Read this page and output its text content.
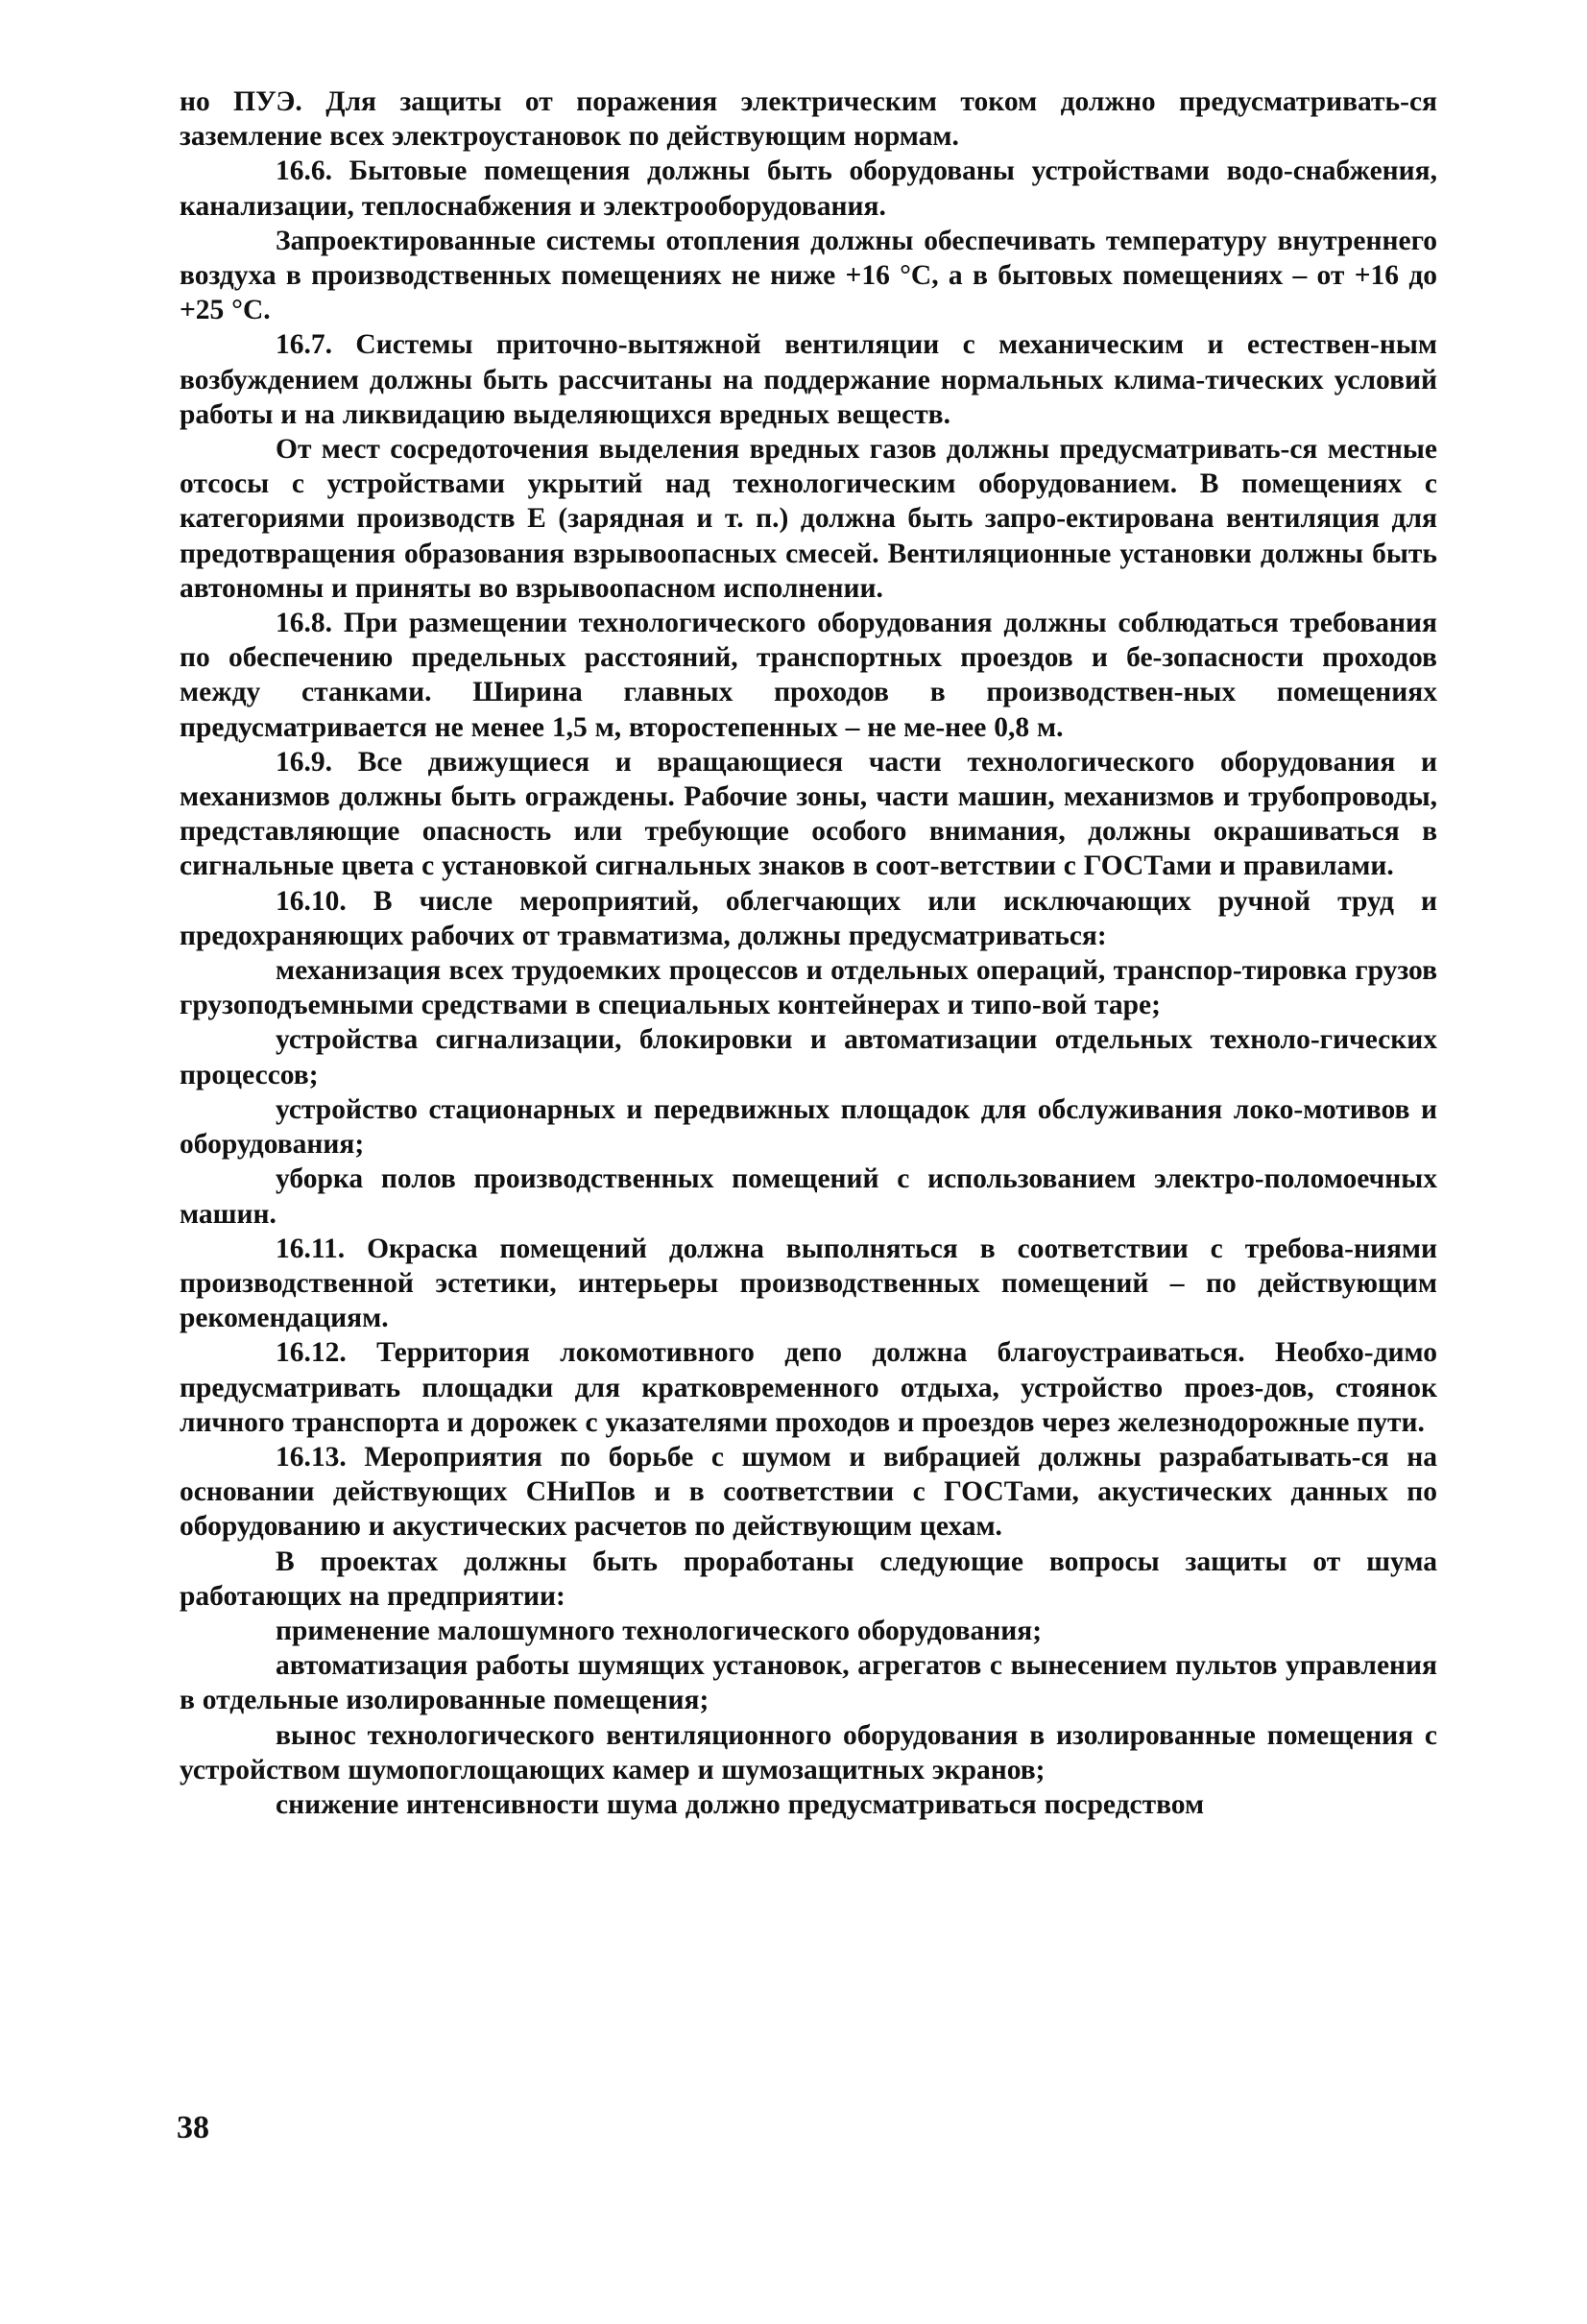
но ПУЭ. Для защиты от поражения электрическим током должно предусматривать-ся заземление всех электроустановок по действующим нормам.

16.6. Бытовые помещения должны быть оборудованы устройствами водо-снабжения, канализации, теплоснабжения и электрооборудования.

Запроектированные системы отопления должны обеспечивать температуру внутреннего воздуха в производственных помещениях не ниже +16 °С, а в бытовых помещениях – от +16 до +25 °С.

16.7. Системы приточно-вытяжной вентиляции с механическим и естествен-ным возбуждением должны быть рассчитаны на поддержание нормальных клима-тических условий работы и на ликвидацию выделяющихся вредных веществ.

От мест сосредоточения выделения вредных газов должны предусматривать-ся местные отсосы с устройствами укрытий над технологическим оборудованием. В помещениях с категориями производств Е (зарядная и т. п.) должна быть запро-ектирована вентиляция для предотвращения образования взрывоопасных смесей. Вентиляционные установки должны быть автономны и приняты во взрывоопасном исполнении.

16.8. При размещении технологического оборудования должны соблюдаться требования по обеспечению предельных расстояний, транспортных проездов и бе-зопасности проходов между станками. Ширина главных проходов в производствен-ных помещениях предусматривается не менее 1,5 м, второстепенных – не ме-нее 0,8 м.

16.9. Все движущиеся и вращающиеся части технологического оборудования и механизмов должны быть ограждены. Рабочие зоны, части машин, механизмов и трубопроводы, представляющие опасность или требующие особого внимания, должны окрашиваться в сигнальные цвета с установкой сигнальных знаков в соот-ветствии с ГОСТами и правилами.

16.10. В числе мероприятий, облегчающих или исключающих ручной труд и предохраняющих рабочих от травматизма, должны предусматриваться:

механизация всех трудоемких процессов и отдельных операций, транспор-тировка грузов грузоподъемными средствами в специальных контейнерах и типо-вой таре;

устройства сигнализации, блокировки и автоматизации отдельных техноло-гических процессов;

устройство стационарных и передвижных площадок для обслуживания локо-мотивов и оборудования;

уборка полов производственных помещений с использованием электро-поломоечных машин.

16.11. Окраска помещений должна выполняться в соответствии с требова-ниями производственной эстетики, интерьеры производственных помещений – по действующим рекомендациям.

16.12. Территория локомотивного депо должна благоустраиваться. Необхо-димо предусматривать площадки для кратковременного отдыха, устройство проез-дов, стоянок личного транспорта и дорожек с указателями проходов и проездов через железнодорожные пути.

16.13. Мероприятия по борьбе с шумом и вибрацией должны разрабатывать-ся на основании действующих СНиПов и в соответствии с ГОСТами, акустических данных по оборудованию и акустических расчетов по действующим цехам.

В проектах должны быть проработаны следующие вопросы защиты от шума работающих на предприятии:

применение малошумного технологического оборудования;

автоматизация работы шумящих установок, агрегатов с вынесением пультов управления в отдельные изолированные помещения;

вынос технологического вентиляционного оборудования в изолированные помещения с устройством шумопоглощающих камер и шумозащитных экранов;

снижение интенсивности шума должно предусматриваться посредством

38
